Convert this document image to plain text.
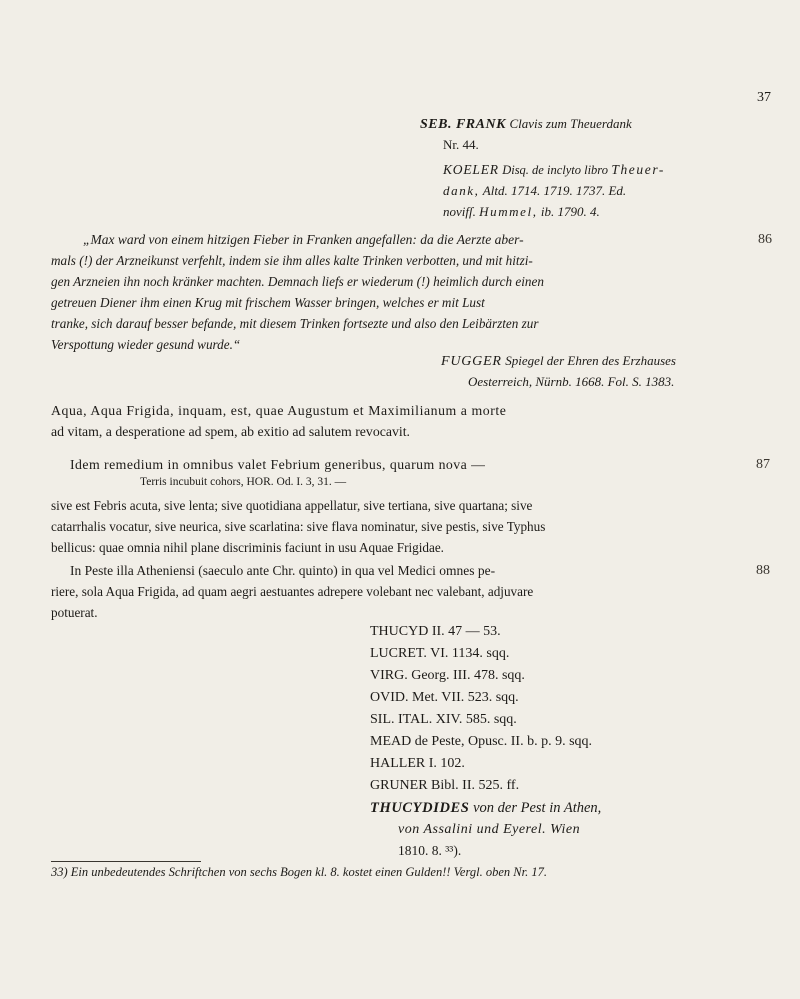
37
SEB. FRANK Clavis zum Theuerdank
Nr. 44.
KOELER Disq. de inclyto libro Theuer-
dank, Altd. 1714. 1719. 1737. Ed.
novifſ. Hummel, ib. 1790. 4.
„Max ward von einem hitzigen Fieber in Franken angefallen: da die Aerzte aber-
mals (!) der Arzneikunst verfehlt, indem sie ihm alles kalte Trinken verbotten, und mit hitzi-
gen Arzneien ihn noch kränker machten. Demnach liefs er wiederum (!) heimlich durch einen
getreuen Diener ihm einen Krug mit frischem Wasser bringen, welches er mit Lust
tranke, sich darauf besser befande, mit diesem Trinken fortsezte und also den Leibärzten zur
Verspottung wieder gesund wurde.“
FUGGER Spiegel der Ehren des Erzhauses
Oesterreich, Nürnb. 1668. Fol. S. 1383.
Aqua, Aqua Frigida, inquam, est, quae Augustum et Maximilianum a morte
ad vitam, a desperatione ad spem, ab exitio ad salutem revocavit.
Idem remedium in omnibus valet Febrium generibus, quarum nova —
Terris incubuit cohors, HOR. Od. I. 3, 31. —
sive est Febris acuta, sive lenta; sive quotidiana appellatur, sive tertiana, sive quartana; sive
catarrhalis vocatur, sive neurica, sive scarlatina: sive flava nominatur, sive pestis, sive Typhus
bellicus: quae omnia nihil plane discriminis faciunt in usu Aquae Frigidae.
In Peste illa Atheniensi (saeculo ante Chr. quinto) in qua vel Medici omnes pe-
riere, sola Aqua Frigida, ad quam aegri aestuantes adrepere volebant nec valebant, adjuvare
potuerat.
THUCYD II. 47 — 53.
LUCRET. VI. 1134. sqq.
VIRG. Georg. III. 478. sqq.
OVID. Met. VII. 523. sqq.
SIL. ITAL. XIV. 585. sqq.
MEAD de Peste, Opusc. II. b. p. 9. sqq.
HALLER I. 102.
GRUNER Bibl. II. 525. ff.
THUCYDIDES von der Pest in Athen,
von Assalini und Eyerel. Wien
1810. 8. ³³).
86
87
88
33) Ein unbedeutendes Schriftchen von sechs Bogen kl. 8. kostet einen Gulden!! Vergl. oben Nr. 17.
